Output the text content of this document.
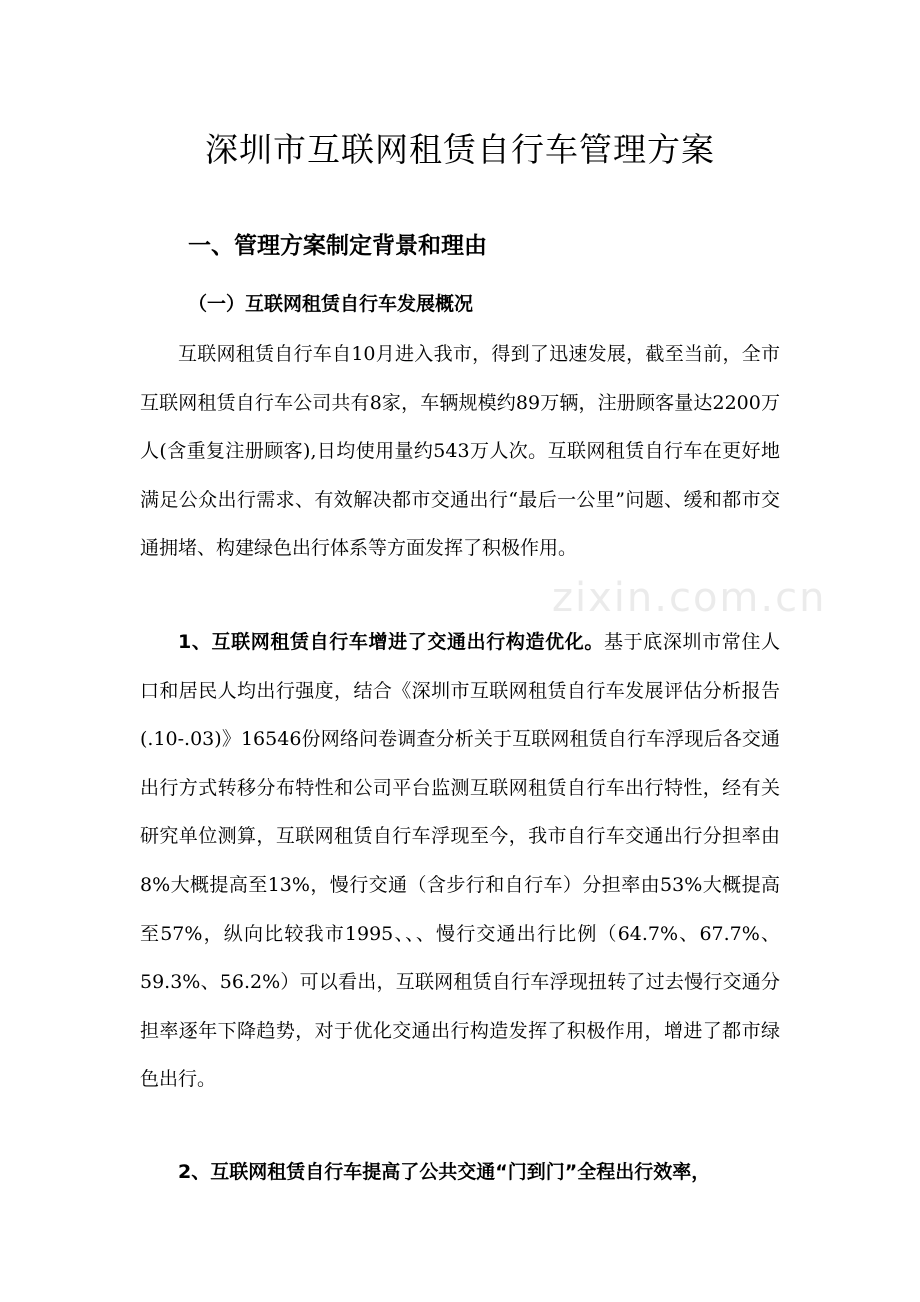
深圳市互联网租赁自行车管理方案
一、管理方案制定背景和理由
（一）互联网租赁自行车发展概况

互联网租赁自行车自10月进入我市，得到了迅速发展，截至当前，全市互联网租赁自行车公司共有8家，车辆规模约89万辆，注册顾客量达2200万人(含重复注册顾客),日均使用量约543万人次。互联网租赁自行车在更好地满足公众出行需求、有效解决都市交通出行“最后一公里”问题、缓和都市交通拥堵、构建绿色出行体系等方面发挥了积极作用。

1、互联网租赁自行车增进了交通出行构造优化。基于底深圳市常住人口和居民人均出行强度，结合《深圳市互联网租赁自行车发展评估分析报告(.10-.03)》16546份网络问卷调查分析关于互联网租赁自行车浮现后各交通出行方式转移分布特性和公司平台监测互联网租赁自行车出行特性，经有关研究单位测算，互联网租赁自行车浮现至今，我市自行车交通出行分担率由8%大概提高至13%，慢行交通（含步行和自行车）分担率由53%大概提高至57%，纵向比较我市1995、、、慢行交通出行比例（64.7%、67.7%、59.3%、56.2%）可以看出，互联网租赁自行车浮现扭转了过去慢行交通分担率逐年下降趋势，对于优化交通出行构造发挥了积极作用，增进了都市绿色出行。

2、互联网租赁自行车提高了公共交通“门到门”全程出行效率，

zixin.com.cn
